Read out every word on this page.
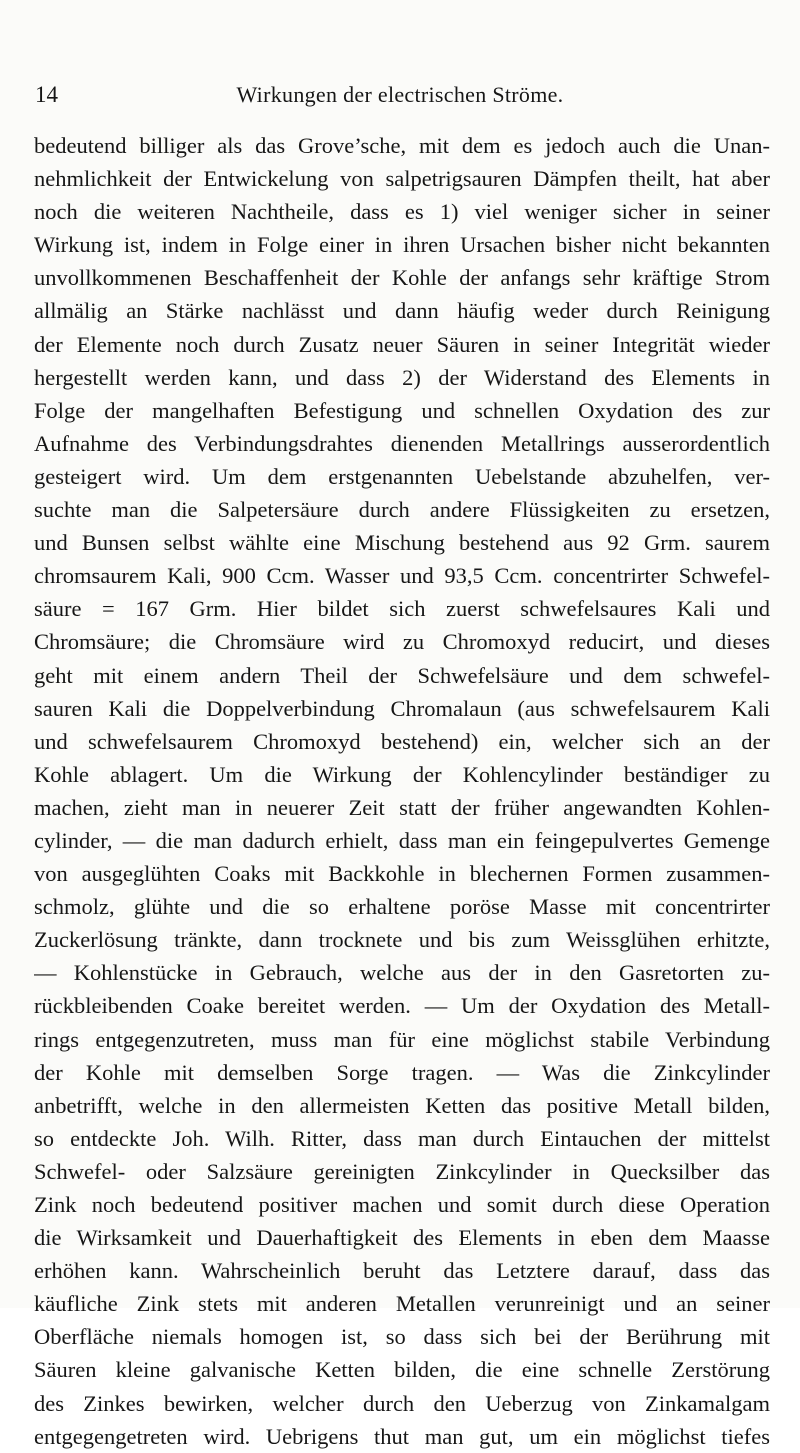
14	Wirkungen der electrischen Ströme.
bedeutend billiger als das Grove’sche, mit dem es jedoch auch die Unan-
nehmlichkeit der Entwickelung von salpetrigsauren Dämpfen theilt, hat aber
noch die weiteren Nachtheile, dass es 1) viel weniger sicher in seiner
Wirkung ist, indem in Folge einer in ihren Ursachen bisher nicht bekannten
unvollkommenen Beschaffenheit der Kohle der anfangs sehr kräftige Strom
allmälig an Stärke nachlässt und dann häufig weder durch Reinigung
der Elemente noch durch Zusatz neuer Säuren in seiner Integrität wieder
hergestellt werden kann, und dass 2) der Widerstand des Elements in
Folge der mangelhaften Befestigung und schnellen Oxydation des zur
Aufnahme des Verbindungsdrahtes dienenden Metallrings ausserordentlich
gesteigert wird. Um dem erstgenannten Uebelstande abzuhelfen, ver-
suchte man die Salpetersäure durch andere Flüssigkeiten zu ersetzen,
und Bunsen selbst wählte eine Mischung bestehend aus 92 Grm. saurem
chromsaurem Kali, 900 Ccm. Wasser und 93,5 Ccm. concentrirter Schwefel-
säure = 167 Grm. Hier bildet sich zuerst schwefelsaures Kali und
Chromsäure; die Chromsäure wird zu Chromoxyd reducirt, und dieses
geht mit einem andern Theil der Schwefelsäure und dem schwefel-
sauren Kali die Doppelverbindung Chromalaun (aus schwefelsaurem Kali
und schwefelsaurem Chromoxyd bestehend) ein, welcher sich an der
Kohle ablagert. Um die Wirkung der Kohlencylinder beständiger zu
machen, zieht man in neuerer Zeit statt der früher angewandten Kohlen-
cylinder, — die man dadurch erhielt, dass man ein feingepulvertes Gemenge
von ausgeglühten Coaks mit Backkohle in blechernen Formen zusammen-
schmolz, glühte und die so erhaltene poröse Masse mit concentrirter
Zuckerlösung tränkte, dann trocknete und bis zum Weissglühen erhitzte,
— Kohlenstücke in Gebrauch, welche aus der in den Gasretorten zu-
rückbleibenden Coake bereitet werden. — Um der Oxydation des Metall-
rings entgegenzutreten, muss man für eine möglichst stabile Verbindung
der Kohle mit demselben Sorge tragen. — Was die Zinkcylinder
anbetrifft, welche in den allermeisten Ketten das positive Metall bilden,
so entdeckte Joh. Wilh. Ritter, dass man durch Eintauchen der mittelst
Schwefel- oder Salzsäure gereinigten Zinkcylinder in Quecksilber das
Zink noch bedeutend positiver machen und somit durch diese Operation
die Wirksamkeit und Dauerhaftigkeit des Elements in eben dem Maasse
erhöhen kann. Wahrscheinlich beruht das Letztere darauf, dass das
käufliche Zink stets mit anderen Metallen verunreinigt und an seiner
Oberfläche niemals homogen ist, so dass sich bei der Berührung mit
Säuren kleine galvanische Ketten bilden, die eine schnelle Zerstörung
des Zinkes bewirken, welcher durch den Ueberzug von Zinkamalgam
entgegengetreten wird. Uebrigens thut man gut, um ein möglichst tiefes
